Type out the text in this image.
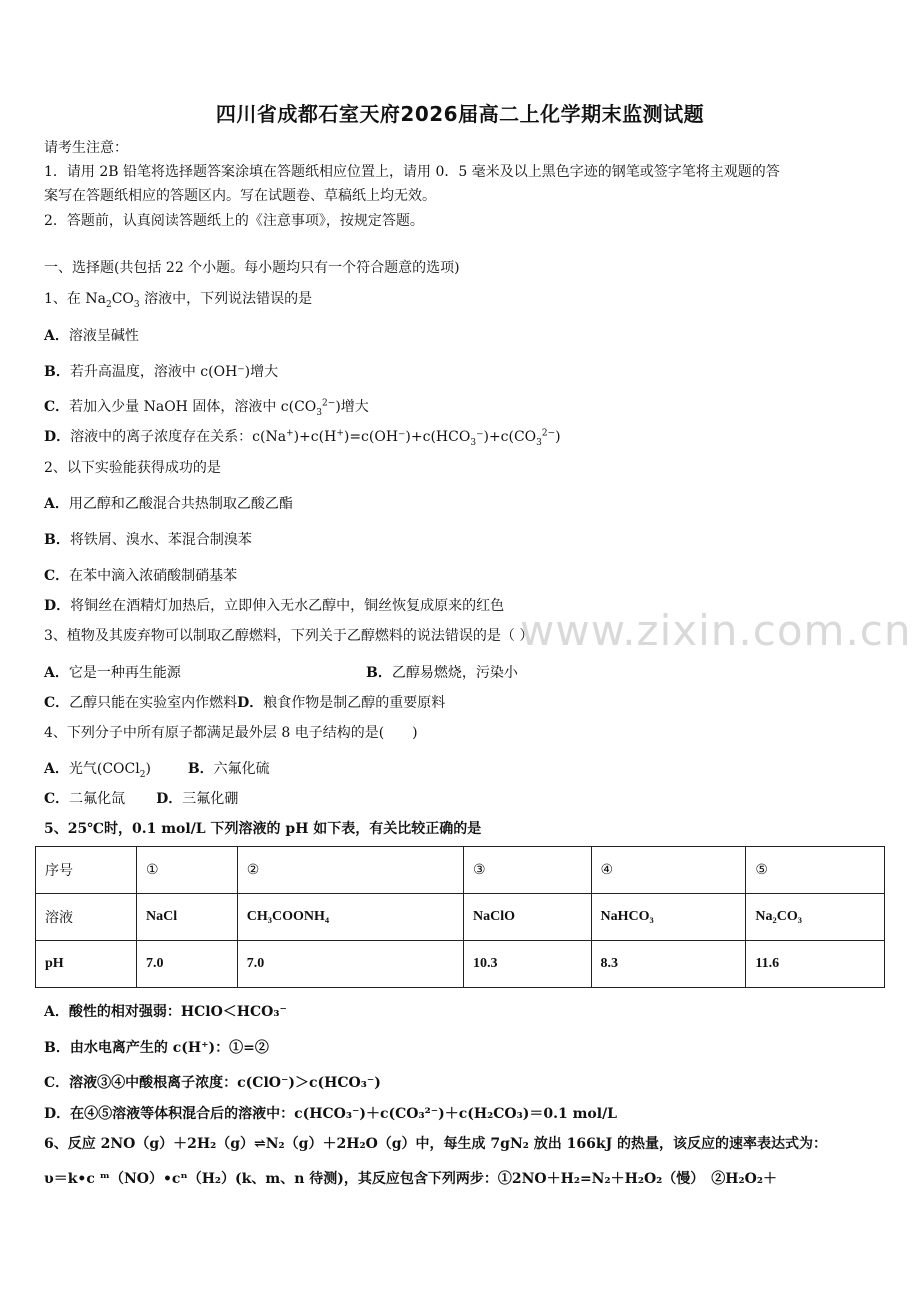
四川省成都石室天府2026届高二上化学期末监测试题
请考生注意：
1．请用 2B 铅笔将选择题答案涂填在答题纸相应位置上，请用 0．5 毫米及以上黑色字迹的钢笔或签字笔将主观题的答
案写在答题纸相应的答题区内。写在试题卷、草稿纸上均无效。
2．答题前，认真阅读答题纸上的《注意事项》，按规定答题。
一、选择题(共包括 22 个小题。每小题均只有一个符合题意的选项)
1、在 $Na_2CO_3$ 溶液中，下列说法错误的是
A．溶液呈碱性
B．若升高温度，溶液中 c(OH⁻)增大
C．若加入少量 NaOH 固体，溶液中 $c(CO_3^{2-})$增大
D．溶液中的离子浓度存在关系：$c(Na^+)+c(H^+)=c(OH^-)+c(HCO_3^-)+c(CO_3^{2-})$
2、以下实验能获得成功的是
A．用乙醇和乙酸混合共热制取乙酸乙酯
B．将铁屑、溴水、苯混合制溴苯
C．在苯中滴入浓硝酸制硝基苯
D．将铜丝在酒精灯加热后，立即伸入无水乙醇中，铜丝恢复成原来的红色 www.zixin.com.cn
3、植物及其废弃物可以制取乙醇燃料，下列关于乙醇燃料的说法错误的是（ ）
A．它是一种再生能源	B．乙醇易燃烧，污染小
C．乙醇只能在实验室内作燃料D．粮食作物是制乙醇的重要原料
4、下列分子中所有原子都满足最外层 8 电子结构的是(　　)
A．光气(COCl$_2$)	B．六氟化硫
C．二氟化氙 D．三氟化硼
5、25℃时，0.1 mol/L 下列溶液的 pH 如下表，有关比较正确的是
序号	①	②	③	④	⑤
溶液	NaCl	CH₃COONH₄	NaClO	NaHCO₃	Na₂CO₃
pH	7.0	7.0	10.3	8.3	11.6
A．酸性的相对强弱：HClO＜HCO₃⁻
B．由水电离产生的 c(H⁺)：①=②
C．溶液③④中酸根离子浓度：c(ClO⁻)＞c(HCO₃⁻)
D．在④⑤溶液等体积混合后的溶液中：c(HCO₃⁻)＋c(CO₃²⁻)＋c(H₂CO₃)＝0.1 mol/L
6、反应 2NO（g）＋2H₂（g）⇌N₂（g）＋2H₂O（g）中，每生成 7gN₂ 放出 166kJ 的热量，该反应的速率表达式为：
υ＝k•c ᵐ（NO）•cⁿ（H₂）(k、m、n 待测)，其反应包含下列两步：①2NO＋H₂=N₂＋H₂O₂（慢）　②H₂O₂＋
